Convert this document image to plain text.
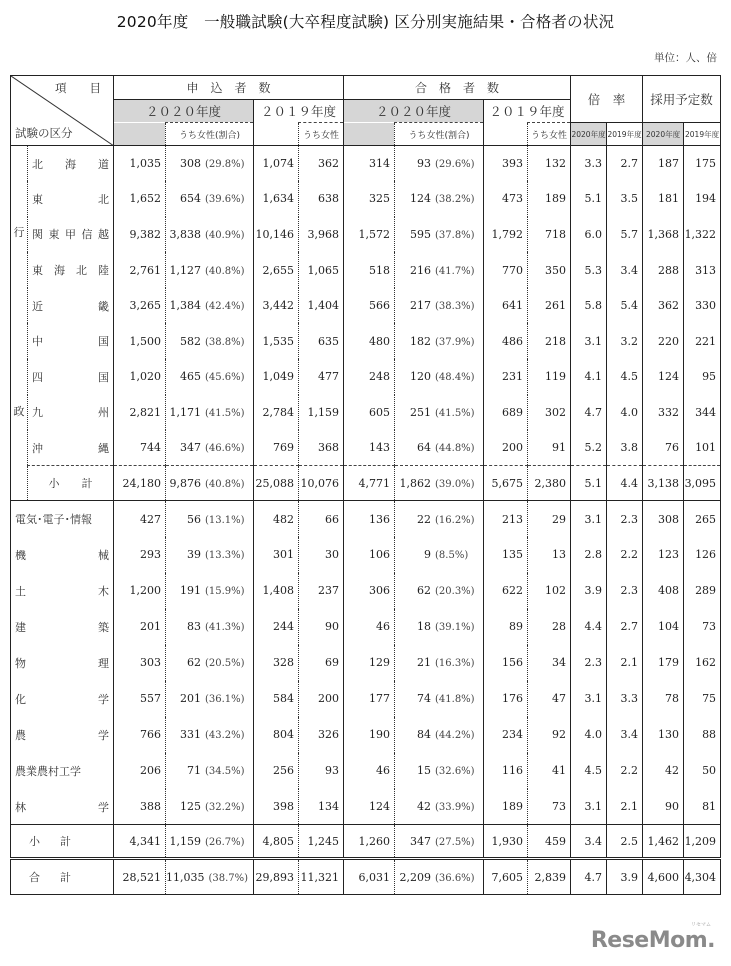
2020年度　一般職試験(大卒程度試験) 区分別実施結果・合格者の状況
単位：人、倍
項　　目
試験の区分		申　込　者　数				合　格　者　数				倍　率		採用予定数	
		２０２０年度		２０１９年度		２０２０年度		２０１９年度					
			うち女性(割合)		うち女性		うち女性(割合)		うち女性	2020年度	2019年度	2020年度	2019年度

行
政

北 海 道	1,035	308 (29.8%)	1,074	362	314	93 (29.6%)	393	132	3.3	2.7	187	175

	東 北	1,652	654 (39.6%)	1,634	638	325	124 (38.2%)	473	189	5.1	3.5	181	194

	関 東 甲 信 越	9,382	3,838 (40.9%)	10,146	3,968	1,572	595 (37.8%)	1,792	718	6.0	5.7	1,368	1,322

	東 海 北 陸	2,761	1,127 (40.8%)	2,655	1,065	518	216 (41.7%)	770	350	5.3	3.4	288	313

	近 畿	3,265	1,384 (42.4%)	3,442	1,404	566	217 (38.3%)	641	261	5.8	5.4	362	330

	中 国	1,500	582 (38.8%)	1,535	635	480	182 (37.9%)	486	218	3.1	3.2	220	221

	四 国	1,020	465 (45.6%)	1,049	477	248	120 (48.4%)	231	119	4.1	4.5	124	95

	九 州	2,821	1,171 (41.5%)	2,784	1,159	605	251 (41.5%)	689	302	4.7	4.0	332	344

	沖 縄	744	347 (46.6%)	769	368	143	64 (44.8%)	200	91	5.2	3.8	76	101

	小 計	24,180	9,876 (40.8%)	25,088	10,076	4,771	1,862 (39.0%)	5,675	2,380	5.1	4.4	3,138	3,095

電気･電子･情報		427	56 (13.1%)	482	66	136	22 (16.2%)	213	29	3.1	2.3	308	265

機 械		293	39 (13.3%)	301	30	106	9 (8.5%)	135	13	2.8	2.2	123	126

土 木		1,200	191 (15.9%)	1,408	237	306	62 (20.3%)	622	102	3.9	2.3	408	289

建 築		201	83 (41.3%)	244	90	46	18 (39.1%)	89	28	4.4	2.7	104	73

物 理		303	62 (20.5%)	328	69	129	21 (16.3%)	156	34	2.3	2.1	179	162

化 学		557	201 (36.1%)	584	200	177	74 (41.8%)	176	47	3.1	3.3	78	75

農 学		766	331 (43.2%)	804	326	190	84 (44.2%)	234	92	4.0	3.4	130	88

農業農村工学		206	71 (34.5%)	256	93	46	15 (32.6%)	116	41	4.5	2.2	42	50

林 学		388	125 (32.2%)	398	134	124	42 (33.9%)	189	73	3.1	2.1	90	81

小 計		4,341	1,159 (26.7%)	4,805	1,245	1,260	347 (27.5%)	1,930	459	3.4	2.5	1,462	1,209

合 計		28,521	11,035 (38.7%)	29,893	11,321	6,031	2,209 (36.6%)	7,605	2,839	4.7	3.9	4,600	4,304
リセマム
ReseMom.
